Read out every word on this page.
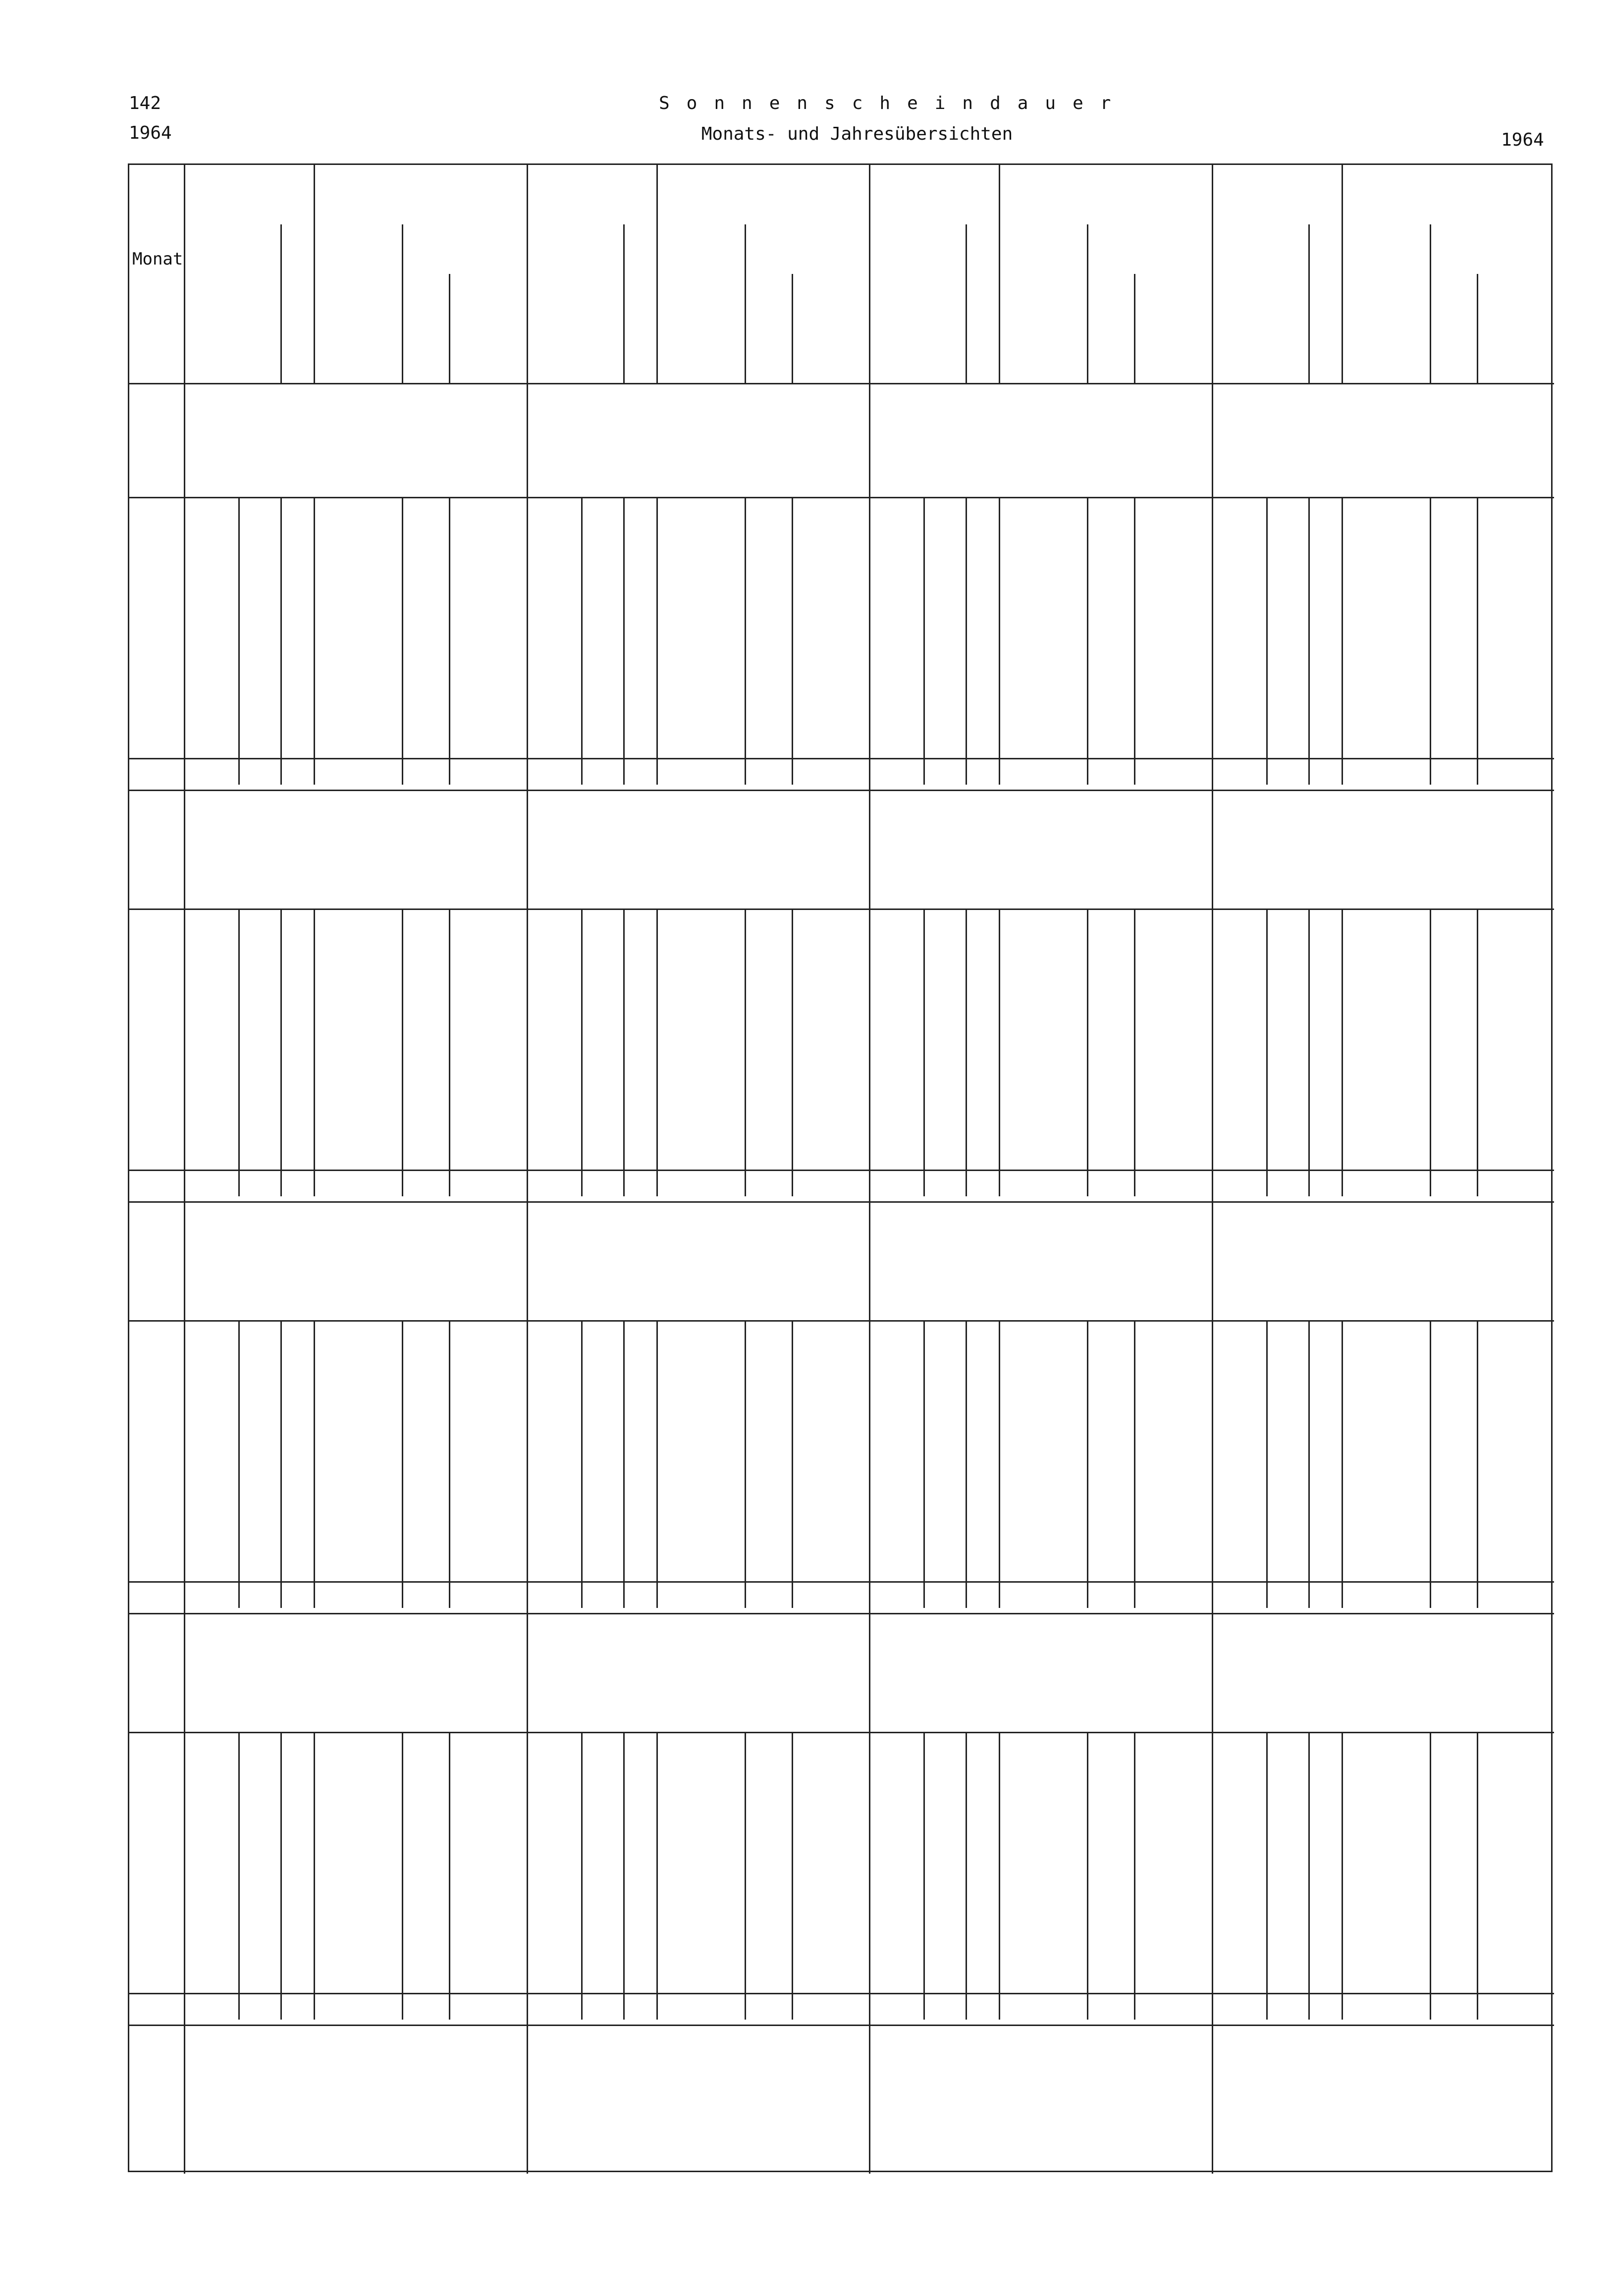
142
1964
Sonnenscheindauer
Monats- und Jahresübersichten	1964
Monat
